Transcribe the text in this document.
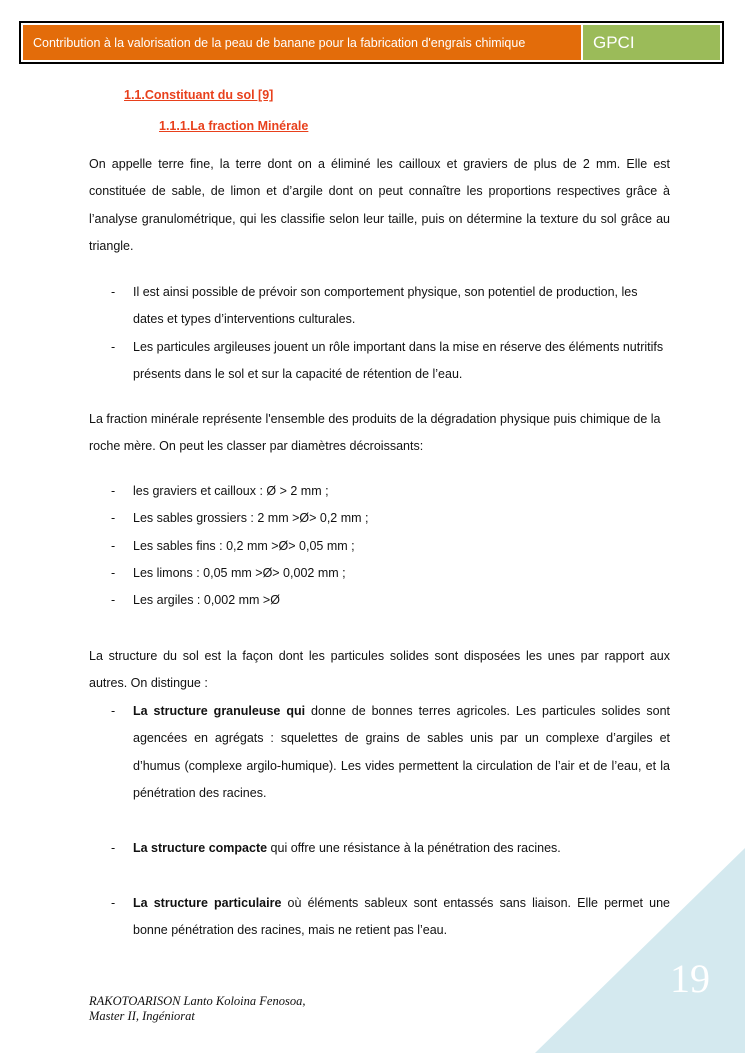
Contribution à la valorisation de la peau de banane pour la fabrication d'engrais chimique	GPCI
1.1.Constituant du sol [9]
1.1.1.La fraction Minérale
On appelle terre fine, la terre dont on a éliminé les cailloux et graviers de plus de 2 mm. Elle est constituée de sable, de limon et d’argile dont on peut connaître les proportions respectives grâce à l’analyse granulométrique, qui les classifie selon leur taille, puis on détermine la texture du sol grâce au triangle.
- Il est ainsi possible de prévoir son comportement physique, son potentiel de production, les dates et types d’interventions culturales.
- Les particules argileuses jouent un rôle important dans la mise en réserve des éléments nutritifs présents dans le sol et sur la capacité de rétention de l’eau.
La fraction minérale représente l'ensemble des produits de la dégradation physique puis chimique de la roche mère. On peut les classer par diamètres décroissants:
- les graviers et cailloux : Ø > 2 mm ;
- Les sables grossiers : 2 mm >Ø> 0,2 mm ;
- Les sables fins : 0,2 mm >Ø> 0,05 mm ;
- Les limons : 0,05 mm >Ø> 0,002 mm ;
- Les argiles : 0,002 mm >Ø
La structure du sol est la façon dont les particules solides sont disposées les unes par rapport aux autres. On distingue :
- La structure granuleuse qui donne de bonnes terres agricoles. Les particules solides sont agencées en agrégats : squelettes de grains de sables unis par un complexe d’argiles et d’humus (complexe argilo-humique). Les vides permettent la circulation de l’air et de l’eau, et la pénétration des racines.
- La structure compacte qui offre une résistance à la pénétration des racines.
- La structure particulaire où éléments sableux sont entassés sans liaison. Elle permet une bonne pénétration des racines, mais ne retient pas l’eau.
19
RAKOTOARISON Lanto Koloina Fenosoa,
Master II, Ingéniorat
